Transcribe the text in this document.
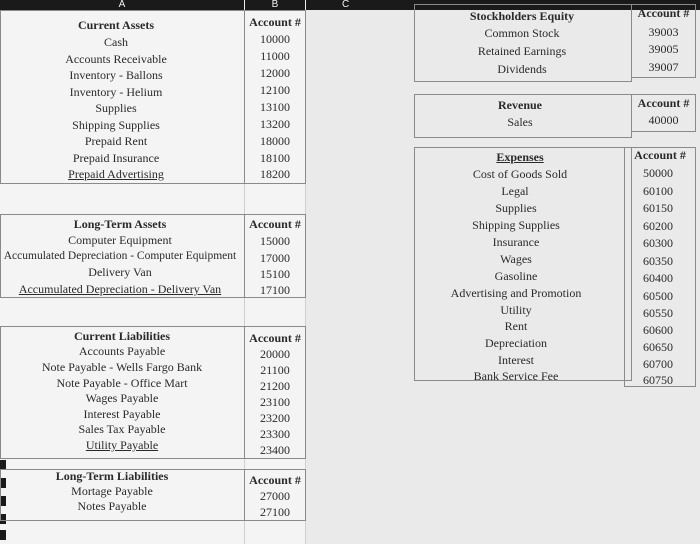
A	B	C
Current Assets	Account #
Cash	10000
Accounts Receivable	11000
Inventory - Ballons	12000
Inventory - Helium	12100
Supplies	13100
Shipping Supplies	13200
Prepaid Rent	18000
Prepaid Insurance	18100
Prepaid Advertising	18200
Long-Term Assets	Account #
Computer Equipment	15000
Accumulated Depreciation - Computer Equipment	17000
Delivery Van	15100
Accumulated Depreciation - Delivery Van	17100
Current Liabilities	Account #
Accounts Payable	20000
Note Payable - Wells Fargo Bank	21100
Note Payable - Office Mart	21200
Wages Payable	23100
Interest Payable	23200
Sales Tax Payable	23300
Utility Payable	23400
Long-Term Liabilities	Account #
Mortage Payable	27000
Notes Payable	27100
Stockholders Equity	Account #
Common Stock	39003
Retained Earnings	39005
Dividends	39007
Revenue	Account #
Sales	40000
Expenses	Account #
Cost of Goods Sold	50000
Legal	60100
Supplies	60150
Shipping Supplies	60200
Insurance	60300
Wages	60350
Gasoline	60400
Advertising and Promotion	60500
Utility	60550
Rent	60600
Depreciation	60650
Interest	60700
Bank Service Fee	60750
